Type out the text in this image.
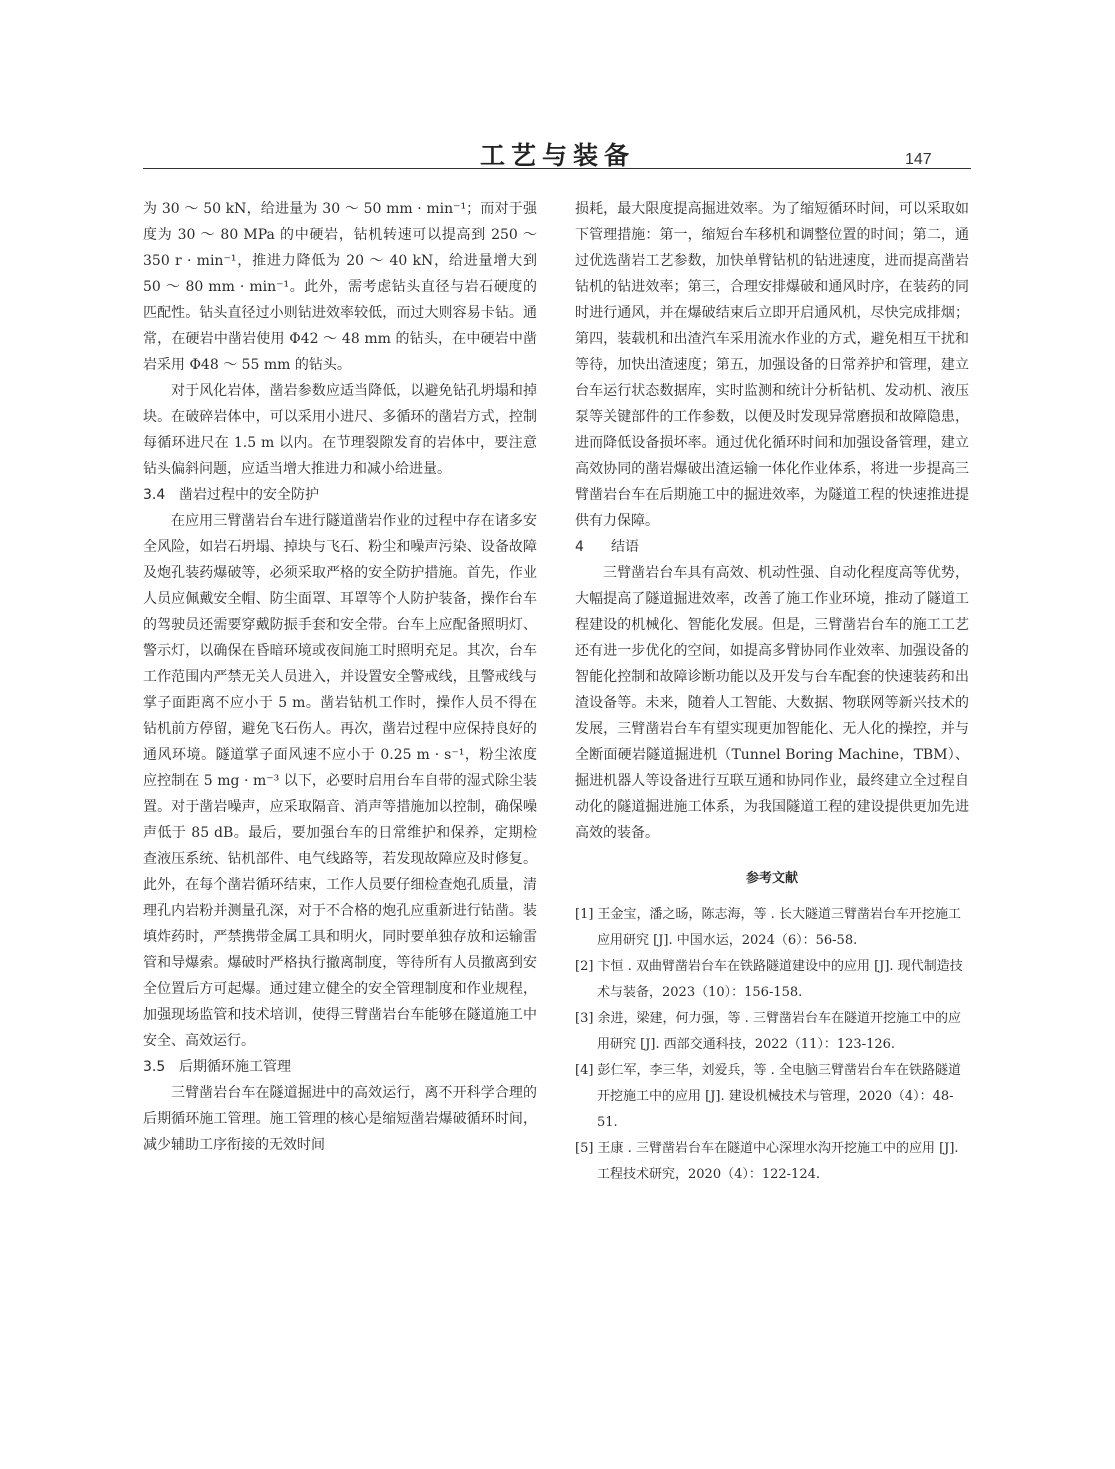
工艺与装备	147

为 30 ～ 50 kN，给进量为 30 ～ 50 mm · min⁻¹；而对于强度为 30 ～ 80 MPa 的中硬岩，钻机转速可以提高到 250 ～ 350 r · min⁻¹，推进力降低为 20 ～ 40 kN，给进量增大到 50 ～ 80 mm · min⁻¹。此外，需考虑钻头直径与岩石硬度的匹配性。钻头直径过小则钻进效率较低，而过大则容易卡钻。通常，在硬岩中凿岩使用 Φ42 ～ 48 mm 的钻头，在中硬岩中凿岩采用 Φ48 ～ 55 mm 的钻头。

对于风化岩体，凿岩参数应适当降低，以避免钻孔坍塌和掉块。在破碎岩体中，可以采用小进尺、多循环的凿岩方式，控制每循环进尺在 1.5 m 以内。在节理裂隙发育的岩体中，要注意钻头偏斜问题，应适当增大推进力和减小给进量。

3.4 凿岩过程中的安全防护

在应用三臂凿岩台车进行隧道凿岩作业的过程中存在诸多安全风险，如岩石坍塌、掉块与飞石、粉尘和噪声污染、设备故障及炮孔装药爆破等，必须采取严格的安全防护措施。首先，作业人员应佩戴安全帽、防尘面罩、耳罩等个人防护装备，操作台车的驾驶员还需要穿戴防振手套和安全带。台车上应配备照明灯、警示灯，以确保在昏暗环境或夜间施工时照明充足。其次，台车工作范围内严禁无关人员进入，并设置安全警戒线，且警戒线与掌子面距离不应小于 5 m。凿岩钻机工作时，操作人员不得在钻机前方停留，避免飞石伤人。再次，凿岩过程中应保持良好的通风环境。隧道掌子面风速不应小于 0.25 m · s⁻¹，粉尘浓度应控制在 5 mg · m⁻³ 以下，必要时启用台车自带的湿式除尘装置。对于凿岩噪声，应采取隔音、消声等措施加以控制，确保噪声低于 85 dB。最后，要加强台车的日常维护和保养，定期检查液压系统、钻机部件、电气线路等，若发现故障应及时修复。此外，在每个凿岩循环结束，工作人员要仔细检查炮孔质量，清理孔内岩粉并测量孔深，对于不合格的炮孔应重新进行钻凿。装填炸药时，严禁携带金属工具和明火，同时要单独存放和运输雷管和导爆索。爆破时严格执行撤离制度，等待所有人员撤离到安全位置后方可起爆。通过建立健全的安全管理制度和作业规程，加强现场监管和技术培训，使得三臂凿岩台车能够在隧道施工中安全、高效运行。

3.5 后期循环施工管理

三臂凿岩台车在隧道掘进中的高效运行，离不开科学合理的后期循环施工管理。施工管理的核心是缩短凿岩爆破循环时间，减少辅助工序衔接的无效时间

损耗，最大限度提高掘进效率。为了缩短循环时间，可以采取如下管理措施：第一，缩短台车移机和调整位置的时间；第二，通过优选凿岩工艺参数，加快单臂钻机的钻进速度，进而提高凿岩钻机的钻进效率；第三，合理安排爆破和通风时序，在装药的同时进行通风，并在爆破结束后立即开启通风机，尽快完成排烟；第四，装载机和出渣汽车采用流水作业的方式，避免相互干扰和等待，加快出渣速度；第五，加强设备的日常养护和管理，建立台车运行状态数据库，实时监测和统计分析钻机、发动机、液压泵等关键部件的工作参数，以便及时发现异常磨损和故障隐患，进而降低设备损坏率。通过优化循环时间和加强设备管理，建立高效协同的凿岩爆破出渣运输一体化作业体系，将进一步提高三臂凿岩台车在后期施工中的掘进效率，为隧道工程的快速推进提供有力保障。

4 结语

三臂凿岩台车具有高效、机动性强、自动化程度高等优势，大幅提高了隧道掘进效率，改善了施工作业环境，推动了隧道工程建设的机械化、智能化发展。但是，三臂凿岩台车的施工工艺还有进一步优化的空间，如提高多臂协同作业效率、加强设备的智能化控制和故障诊断功能以及开发与台车配套的快速装药和出渣设备等。未来，随着人工智能、大数据、物联网等新兴技术的发展，三臂凿岩台车有望实现更加智能化、无人化的操控，并与全断面硬岩隧道掘进机（Tunnel Boring Machine，TBM）、掘进机器人等设备进行互联互通和协同作业，最终建立全过程自动化的隧道掘进施工体系，为我国隧道工程的建设提供更加先进高效的装备。

参考文献

[1] 王金宝，潘之旸，陈志海，等 . 长大隧道三臂凿岩台车开挖施工应用研究 [J]. 中国水运，2024（6）：56-58.

[2] 卞恒 . 双曲臂凿岩台车在铁路隧道建设中的应用 [J]. 现代制造技术与装备，2023（10）：156-158.

[3] 余进，梁建，何力强，等 . 三臂凿岩台车在隧道开挖施工中的应用研究 [J]. 西部交通科技，2022（11）：123-126.

[4] 彭仁军，李三华，刘爱兵，等 . 全电脑三臂凿岩台车在铁路隧道开挖施工中的应用 [J]. 建设机械技术与管理，2020（4）：48-51.

[5] 王康 . 三臂凿岩台车在隧道中心深埋水沟开挖施工中的应用 [J]. 工程技术研究，2020（4）：122-124.
